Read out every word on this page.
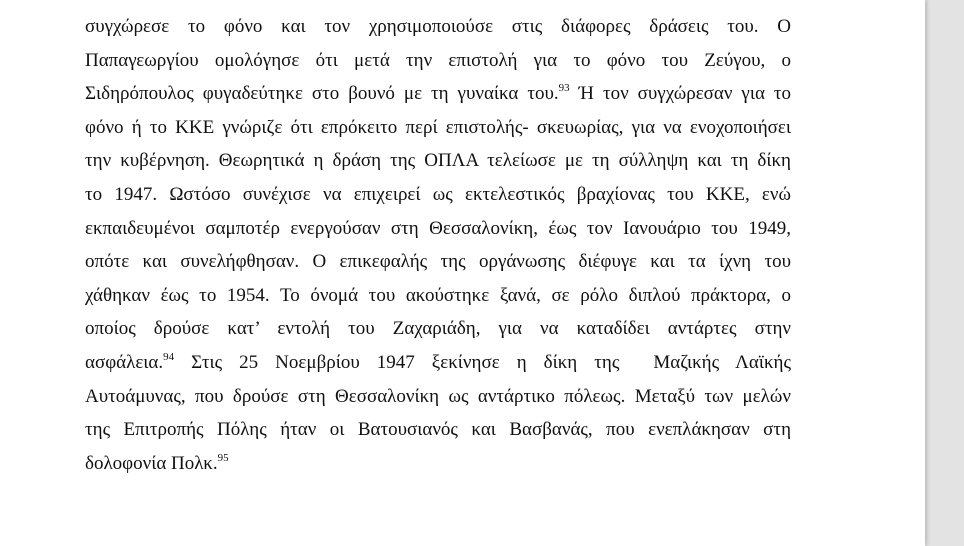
συγχώρεσε το φόνο και τον χρησιμοποιούσε στις διάφορες δράσεις του. Ο
Παπαγεωργίου ομολόγησε ότι μετά την επιστολή για το φόνο του Ζεύγου, ο
Σιδηρόπουλος φυγαδεύτηκε στο βουνό με τη γυναίκα του.$^{93}$ Ή τον συγχώρεσαν για το
φόνο ή το ΚΚΕ γνώριζε ότι επρόκειτο περί επιστολής- σκευωρίας, για να ενοχοποιήσει
την κυβέρνηση. Θεωρητικά η δράση της ΟΠΛΑ τελείωσε με τη σύλληψη και τη δίκη
το 1947. Ωστόσο συνέχισε να επιχειρεί ως εκτελεστικός βραχίονας του ΚΚΕ, ενώ
εκπαιδευμένοι σαμποτέρ ενεργούσαν στη Θεσσαλονίκη, έως τον Ιανουάριο του 1949,
οπότε και συνελήφθησαν. Ο επικεφαλής της οργάνωσης διέφυγε και τα ίχνη του
χάθηκαν έως το 1954. Το όνομά του ακούστηκε ξανά, σε ρόλο διπλού πράκτορα, ο
οποίος δρούσε κατ’ εντολή του Ζαχαριάδη, για να καταδίδει αντάρτες στην
ασφάλεια.$^{94}$ Στις 25 Νοεμβρίου 1947 ξεκίνησε η δίκη της  Μαζικής Λαϊκής
Αυτοάμυνας, που δρούσε στη Θεσσαλονίκη ως αντάρτικο πόλεως. Μεταξύ των μελών
της Επιτροπής Πόλης ήταν οι Βατουσιανός και Βασβανάς, που ενεπλάκησαν στη
δολοφονία Πολκ.$^{95}$
